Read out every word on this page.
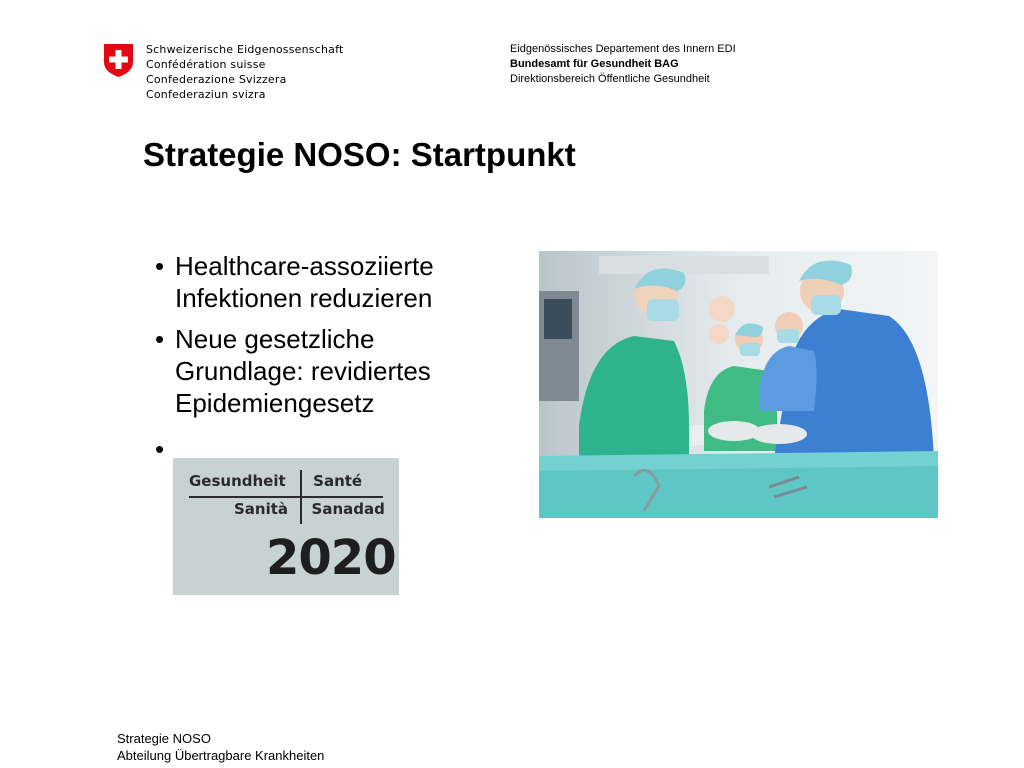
Schweizerische Eidgenossenschaft
Confédération suisse
Confederazione Svizzera
Confederaziun svizra
Eidgenössisches Departement des Innern EDI
Bundesamt für Gesundheit BAG
Direktionsbereich Öffentliche Gesundheit
Strategie NOSO: Startpunkt
• Healthcare-assoziierte Infektionen reduzieren
• Neue gesetzliche Grundlage: revidiertes Epidemiengesetz
•
Gesundheit Santé
Sanità Sanadad
2020
Strategie NOSO
Abteilung Übertragbare Krankheiten
